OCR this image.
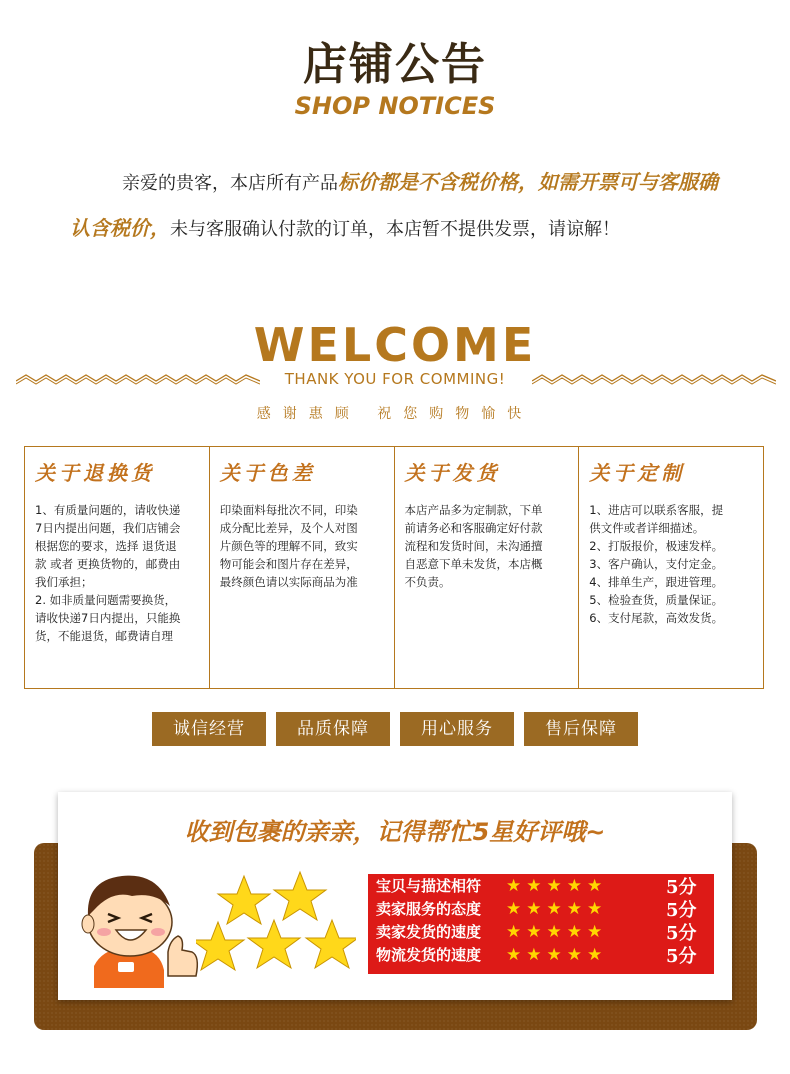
店铺公告
SHOP NOTICES
亲爱的贵客，本店所有产品标价都是不含税价格，如需开票可与客服确认含税价，未与客服确认付款的订单，本店暂不提供发票，请谅解！
WELCOME
THANK YOU FOR COMMING!
感谢惠顾 祝您购物愉快
关于退换货
1、有质量问题的，请收快递
7日内提出问题，我们店铺会
根据您的要求，选择 退货退
款 或者 更换货物的，邮费由
我们承担；
2. 如非质量问题需要换货，
请收快递7日内提出，只能换
货，不能退货，邮费请自理
关于色差
印染面料每批次不同，印染
成分配比差异，及个人对图
片颜色等的理解不同，致实
物可能会和图片存在差异，
最终颜色请以实际商品为准
关于发货
本店产品多为定制款，下单
前请务必和客服确定好付款
流程和发货时间，未沟通擅
自恶意下单未发货，本店概
不负责。
关于定制
1、进店可以联系客服，提
供文件或者详细描述。
2、打版报价，极速发样。
3、客户确认，支付定金。
4、排单生产，跟进管理。
5、检验查货，质量保证。
6、支付尾款，高效发货。
诚信经营	品质保障	用心服务	售后保障
收到包裹的亲亲，记得帮忙5星好评哦~
宝贝与描述相符	★★★★★	5分
卖家服务的态度	★★★★★	5分
卖家发货的速度	★★★★★	5分
物流发货的速度	★★★★★	5分
